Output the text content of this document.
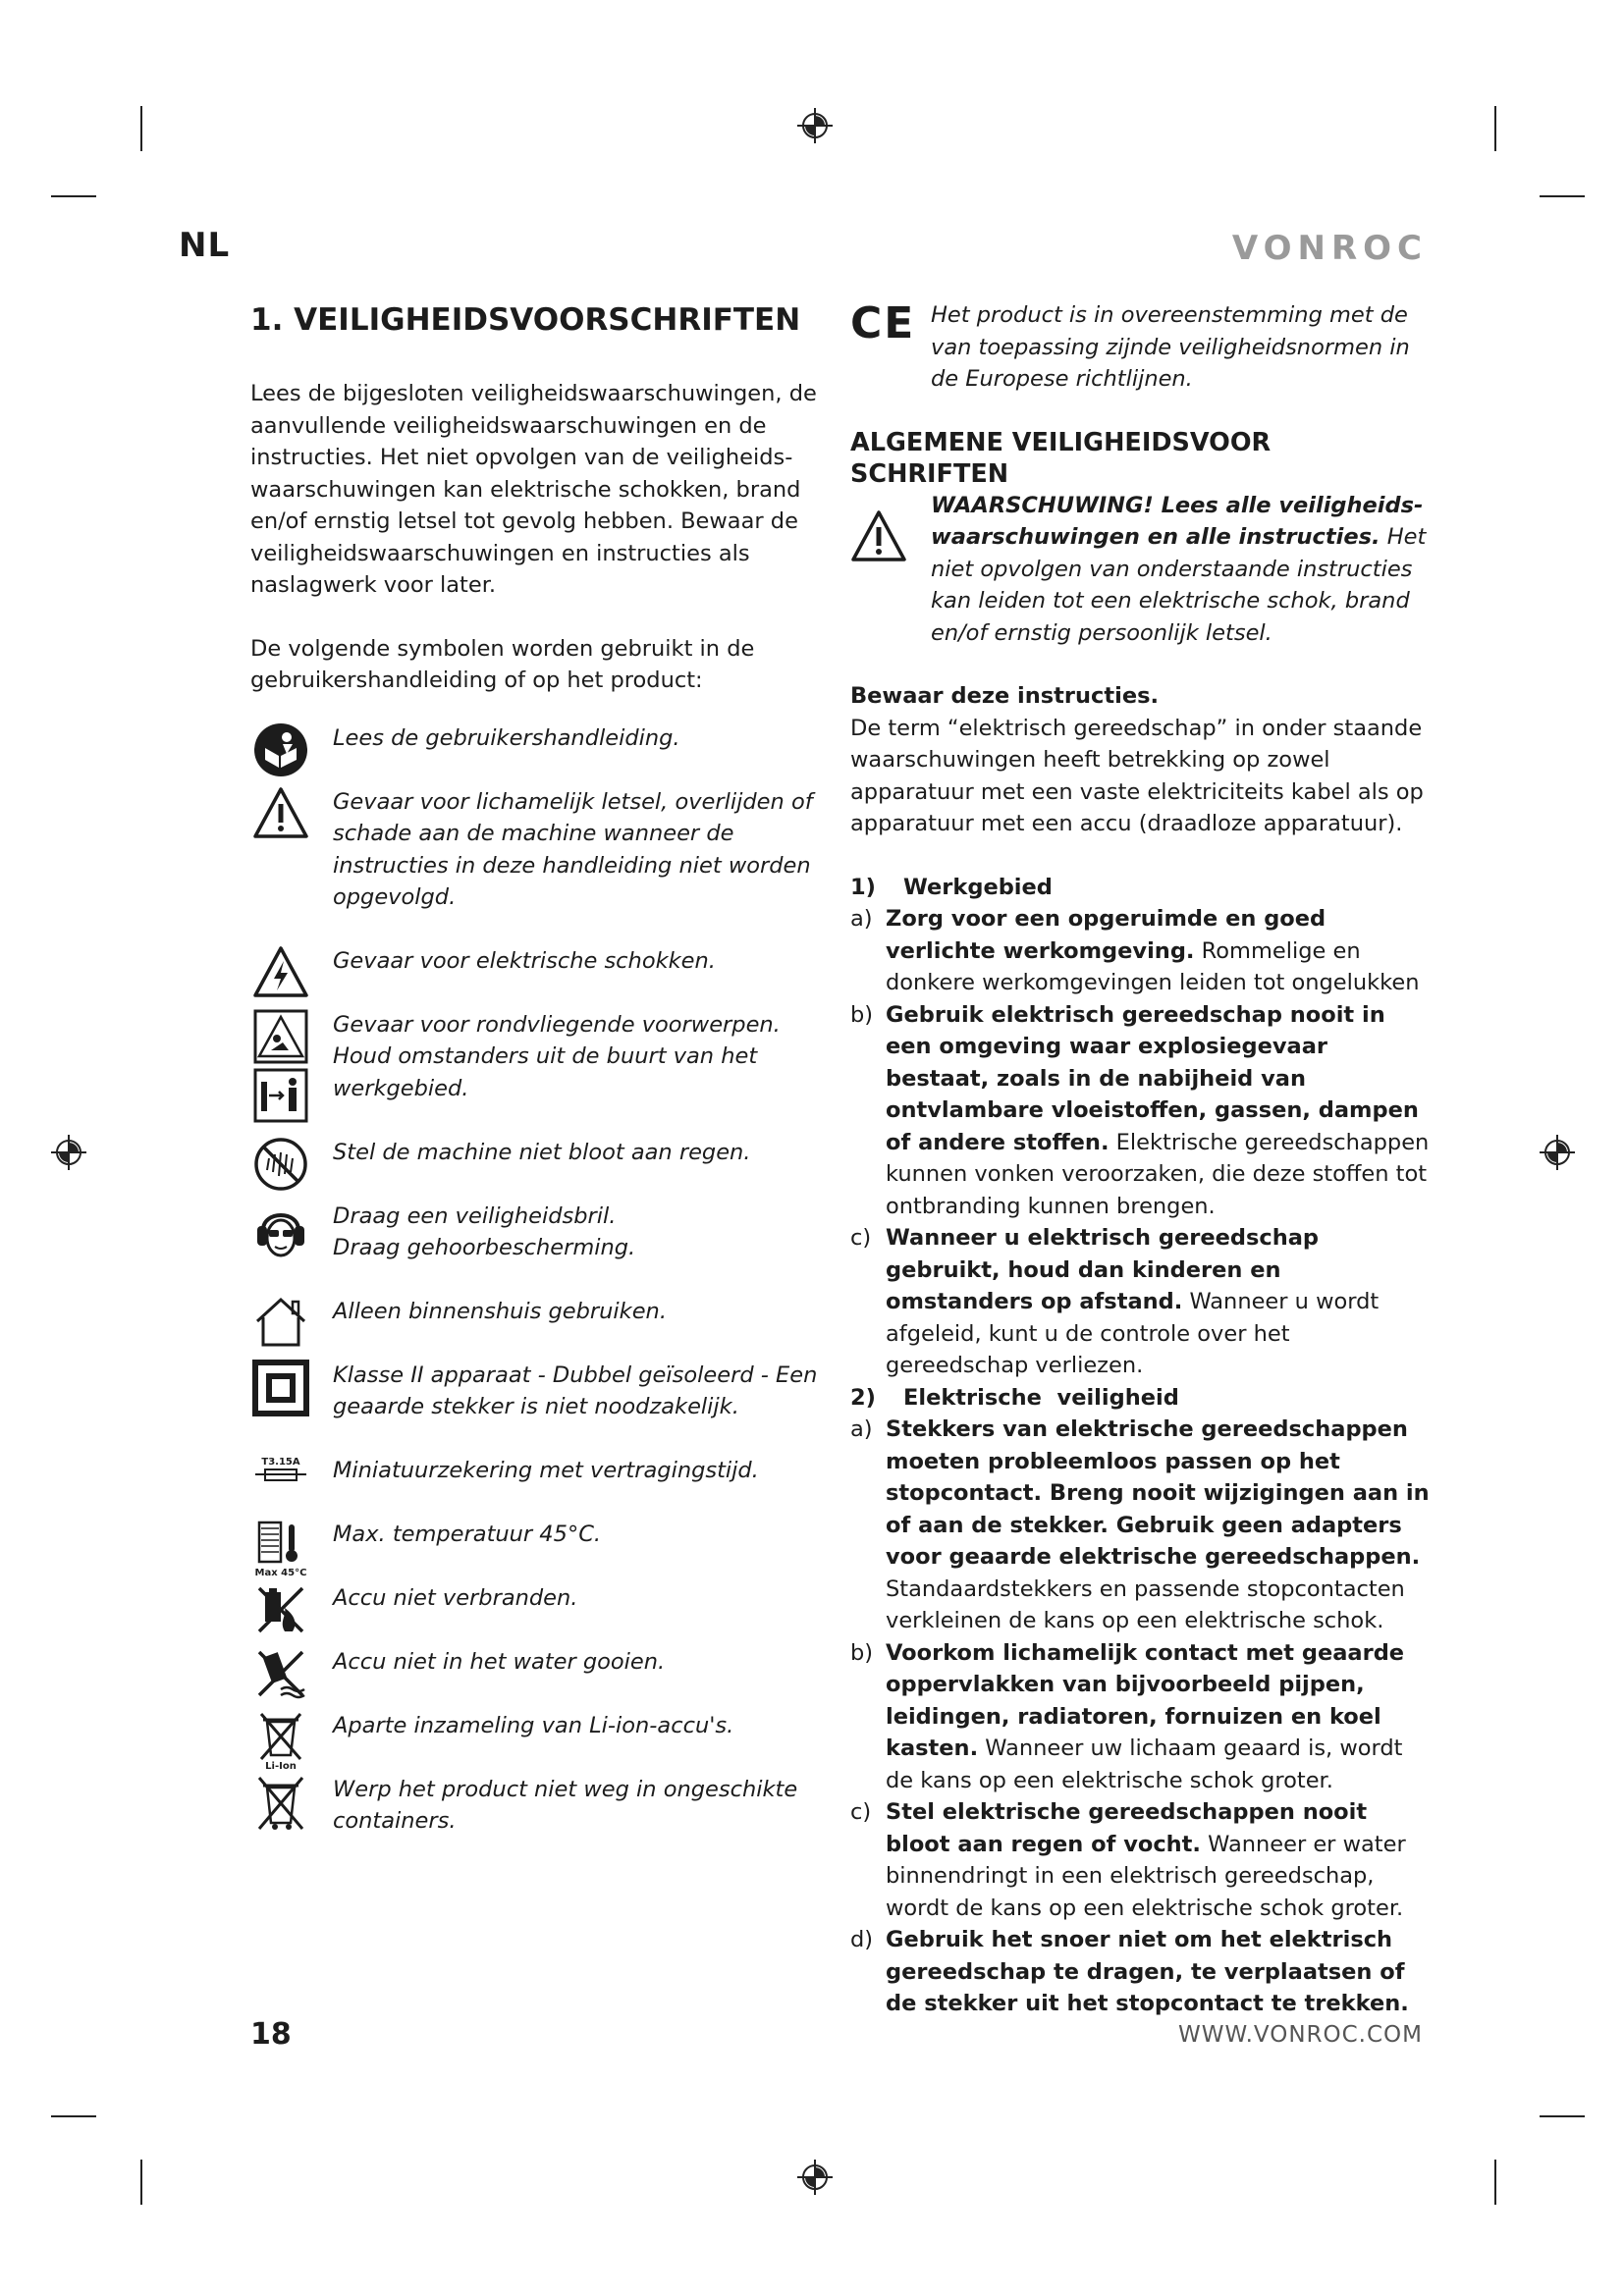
NL	VONROC
1. VEILIGHEIDSVOORSCHRIFTEN

Lees de bijgesloten veiligheidswaarschuwingen, de aanvullende veiligheidswaarschuwingen en de instructies. Het niet opvolgen van de veiligheids-waarschuwingen kan elektrische schokken, brand en/of ernstig letsel tot gevolg hebben. Bewaar de veiligheidswaarschuwingen en instructies als naslagwerk voor later.

De volgende symbolen worden gebruikt in de gebruikershandleiding of op het product:

Lees de gebruikershandleiding.
Gevaar voor lichamelijk letsel, overlijden of schade aan de machine wanneer de instructies in deze handleiding niet worden opgevolgd.
Gevaar voor elektrische schokken.
Gevaar voor rondvliegende voorwerpen. Houd omstanders uit de buurt van het werkgebied.
Stel de machine niet bloot aan regen.
Draag een veiligheidsbril.
Draag gehoorbescherming.
Alleen binnenshuis gebruiken.
Klasse II apparaat - Dubbel geïsoleerd - Een geaarde stekker is niet noodzakelijk.
T3.15A Miniatuurzekering met vertragingstijd.
Max 45°C
Max. temperatuur 45°C.
Accu niet verbranden.
Accu niet in het water gooien.
Li-Ion
Aparte inzameling van Li-ion-accu's.
Werp het product niet weg in ongeschikte containers.
CE Het product is in overeenstemming met de van toepassing zijnde veiligheidsnormen in de Europese richtlijnen.
ALGEMENE VEILIGHEIDSVOOR SCHRIFTEN
WAARSCHUWING! Lees alle veiligheids-waarschuwingen en alle instructies. Het niet opvolgen van onderstaande instructies kan leiden tot een elektrische schok, brand en/of ernstig persoonlijk letsel.

Bewaar deze instructies.

De term “elektrisch gereedschap” in onder staande waarschuwingen heeft betrekking op zowel apparatuur met een vaste elektriciteits kabel als op apparatuur met een accu (draadloze apparatuur).

1)	Werkgebied
a) Zorg voor een opgeruimde en goed verlichte werkomgeving. Rommelige en donkere werkomgevingen leiden tot ongelukken
b) Gebruik elektrisch gereedschap nooit in een omgeving waar explosiegevaar bestaat, zoals in de nabijheid van ontvlambare vloeistoffen, gassen, dampen of andere stoffen. Elektrische gereedschappen kunnen vonken veroorzaken, die deze stoffen tot ontbranding kunnen brengen.
c) Wanneer u elektrisch gereedschap gebruikt, houd dan kinderen en omstanders op afstand. Wanneer u wordt afgeleid, kunt u de controle over het gereedschap verliezen.
2)	Elektrische  veiligheid
a) Stekkers van elektrische gereedschappen moeten probleemloos passen op het stopcontact. Breng nooit wijzigingen aan in of aan de stekker. Gebruik geen adapters voor geaarde elektrische gereedschappen. Standaardstekkers en passende stopcontacten verkleinen de kans op een elektrische schok.
b) Voorkom lichamelijk contact met geaarde oppervlakken van bijvoorbeeld pijpen, leidingen, radiatoren, fornuizen en koel kasten. Wanneer uw lichaam geaard is, wordt de kans op een elektrische schok groter.
c) Stel elektrische gereedschappen nooit bloot aan regen of vocht. Wanneer er water binnendringt in een elektrisch gereedschap, wordt de kans op een elektrische schok groter.
d) Gebruik het snoer niet om het elektrisch gereedschap te dragen, te verplaatsen of de stekker uit het stopcontact te trekken.
18	WWW.VONROC.COM
